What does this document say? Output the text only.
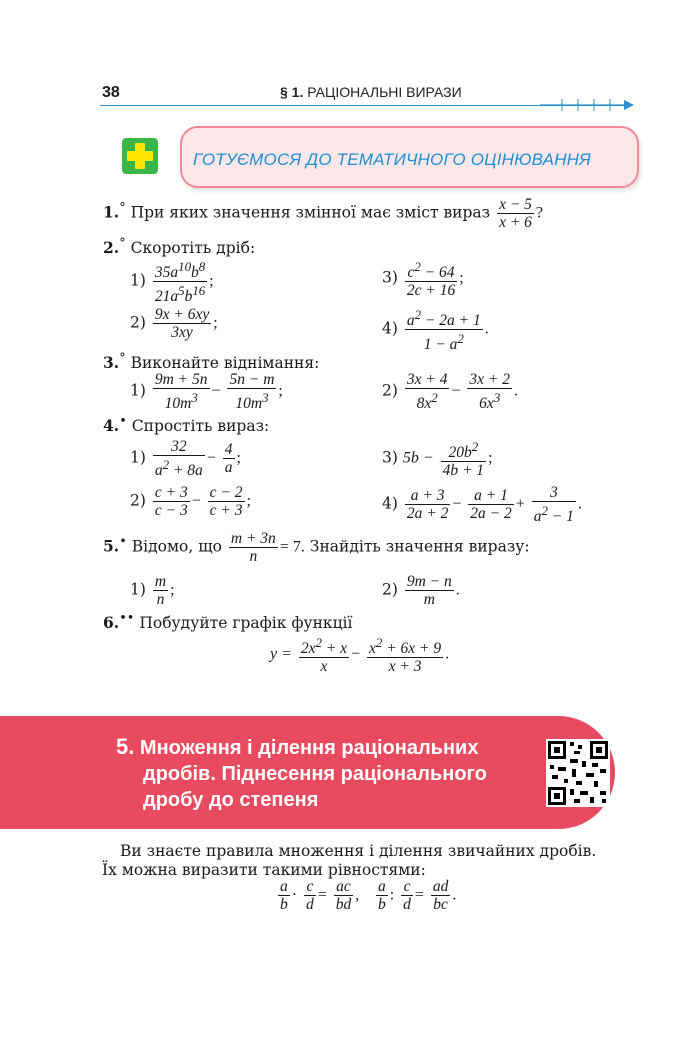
38	§ 1. РАЦІОНАЛЬНІ ВИРАЗИ
ГОТУЄМОСЯ ДО ТЕМАТИЧНОГО ОЦІНЮВАННЯ
1.° При яких значення змінної має зміст вираз $\frac{x - 5}{x + 6}$ ?
2.° Скоротіть дріб:
$1) \frac{35a^{10}b^8}{21a^5b^{16}}$ ;	$3) \frac{c^2 - 64}{2c + 16}$ ;
$2) \frac{9x + 6xy}{3xy}$ ;	$4) \frac{a^2 - 2a + 1}{1 - a^2}$ .
3.° Виконайте віднімання:
$1) \frac{9m + 5n}{10m^3} - \frac{5n - m}{10m^3}$ ;	$2) \frac{3x + 4}{8x^2} - \frac{3x + 2}{6x^3}$ .
4.• Спростіть вираз:
$1) \frac{32}{a^2 + 8a} - \frac{4}{a}$ ;	3) $5b - \frac{20b^2}{4b + 1}$ ;
$2) \frac{c + 3}{c - 3} - \frac{c - 2}{c + 3}$ ;	$4) \frac{a + 3}{2a + 2} - \frac{a + 1}{2a - 2} + \frac{3}{a^2 - 1}$ .
5.• Відомо, що $\frac{m + 3n}{n} = 7$. Знайдіть значення виразу:
$1) \frac{m}{n}$ ;	$2) \frac{9m - n}{m}$ .
6.•• Побудуйте графік функції
$y = \frac{2x^2 + x}{x} - \frac{x^2 + 6x + 9}{x + 3}$ .
5. Множення і ділення раціональних
дробів. Піднесення раціонального
дробу до степеня
Ви знаєте правила множення і ділення звичайних дробів.
Їх можна виразити такими рівностями:
$\frac{a}{b} \cdot \frac{c}{d} = \frac{ac}{bd}$ , $\frac{a}{b}$ : $\frac{c}{d} = \frac{ad}{bc}$ .
